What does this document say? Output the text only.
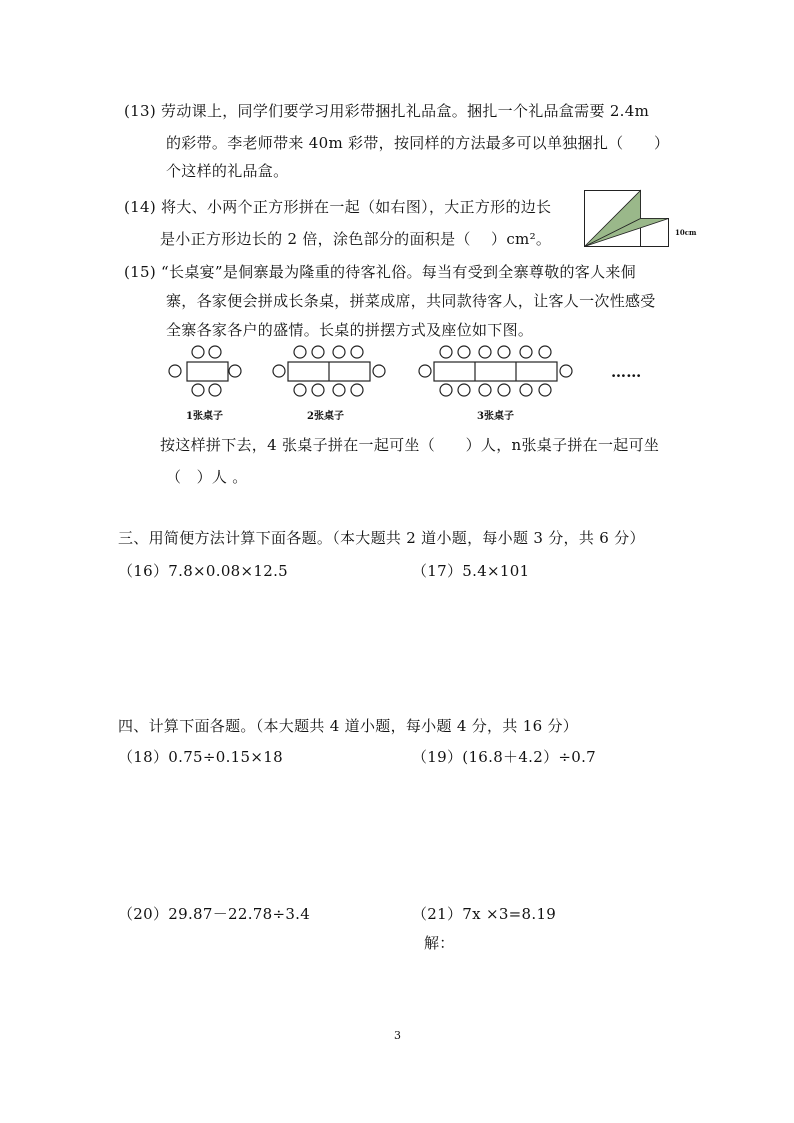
(13) 劳动课上，同学们要学习用彩带捆扎礼品盒。捆扎一个礼品盒需要 2.4m
的彩带。李老师带来 40m 彩带，按同样的方法最多可以单独捆扎（　　）
个这样的礼品盒。
(14) 将大、小两个正方形拼在一起（如右图），大正方形的边长
是小正方形边长的 2 倍，涂色部分的面积是（　 ）cm²。	10cm
(15) “长桌宴”是侗寨最为隆重的待客礼俗。每当有受到全寨尊敬的客人来侗
寨，各家便会拼成长条桌，拼菜成席，共同款待客人，让客人一次性感受
全寨各家各户的盛情。长桌的拼摆方式及座位如下图。
……
1张桌子	2张桌子	3张桌子
按这样拼下去，4 张桌子拼在一起可坐（　　）人，n张桌子拼在一起可坐
（　）人 。
三、用简便方法计算下面各题。（本大题共 2 道小题，每小题 3 分，共 6 分）
（16）7.8×0.08×12.5	（17）5.4×101
四、计算下面各题。（本大题共 4 道小题，每小题 4 分，共 16 分）
（18）0.75÷0.15×18	（19）(16.8＋4.2）÷0.7
（20）29.87－22.78÷3.4	（21）7x ×3=8.19
解：
3
